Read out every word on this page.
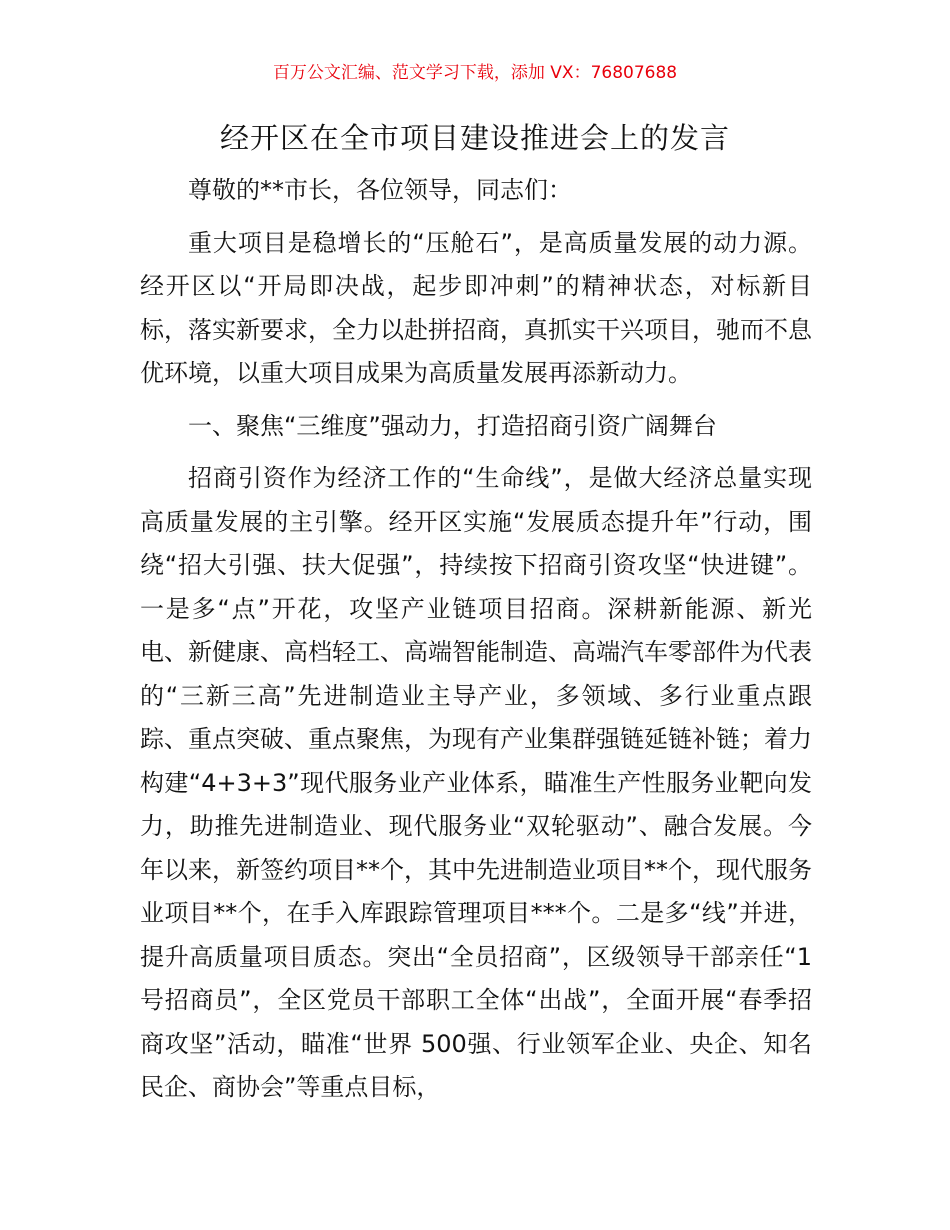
百万公文汇编、范文学习下载，添加 VX：76807688
经开区在全市项目建设推进会上的发言

尊敬的**市长，各位领导，同志们：

重大项目是稳增长的“压舱石”，是高质量发展的动力源。经开区以“开局即决战，起步即冲刺”的精神状态，对标新目标，落实新要求，全力以赴拼招商，真抓实干兴项目，驰而不息优环境，以重大项目成果为高质量发展再添新动力。

一、聚焦“三维度”强动力，打造招商引资广阔舞台

招商引资作为经济工作的“生命线”，是做大经济总量实现高质量发展的主引擎。经开区实施“发展质态提升年”行动，围绕“招大引强、扶大促强”，持续按下招商引资攻坚“快进键”。一是多“点”开花，攻坚产业链项目招商。深耕新能源、新光电、新健康、高档轻工、高端智能制造、高端汽车零部件为代表的“三新三高”先进制造业主导产业，多领域、多行业重点跟踪、重点突破、重点聚焦，为现有产业集群强链延链补链；着力构建“4+3+3”现代服务业产业体系，瞄准生产性服务业靶向发力，助推先进制造业、现代服务业“双轮驱动”、融合发展。今年以来，新签约项目**个，其中先进制造业项目**个，现代服务业项目**个，在手入库跟踪管理项目***个。二是多“线”并进，提升高质量项目质态。突出“全员招商”，区级领导干部亲任“1 号招商员”，全区党员干部职工全体“出战”，全面开展“春季招商攻坚”活动，瞄准“世界 500强、行业领军企业、央企、知名民企、商协会”等重点目标，
